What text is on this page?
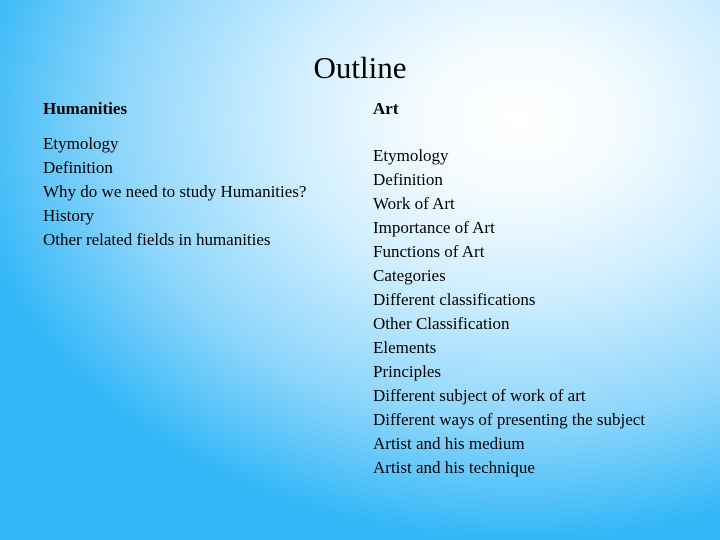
Outline
Humanities
Etymology
Definition
Why do we need to study Humanities?
History
Other related fields in humanities
Art
Etymology
Definition
Work of Art
Importance of Art
Functions of Art
Categories
Different classifications
Other Classification
Elements
Principles
Different subject of work of art
Different ways of presenting the subject
Artist and his medium
Artist and his technique
